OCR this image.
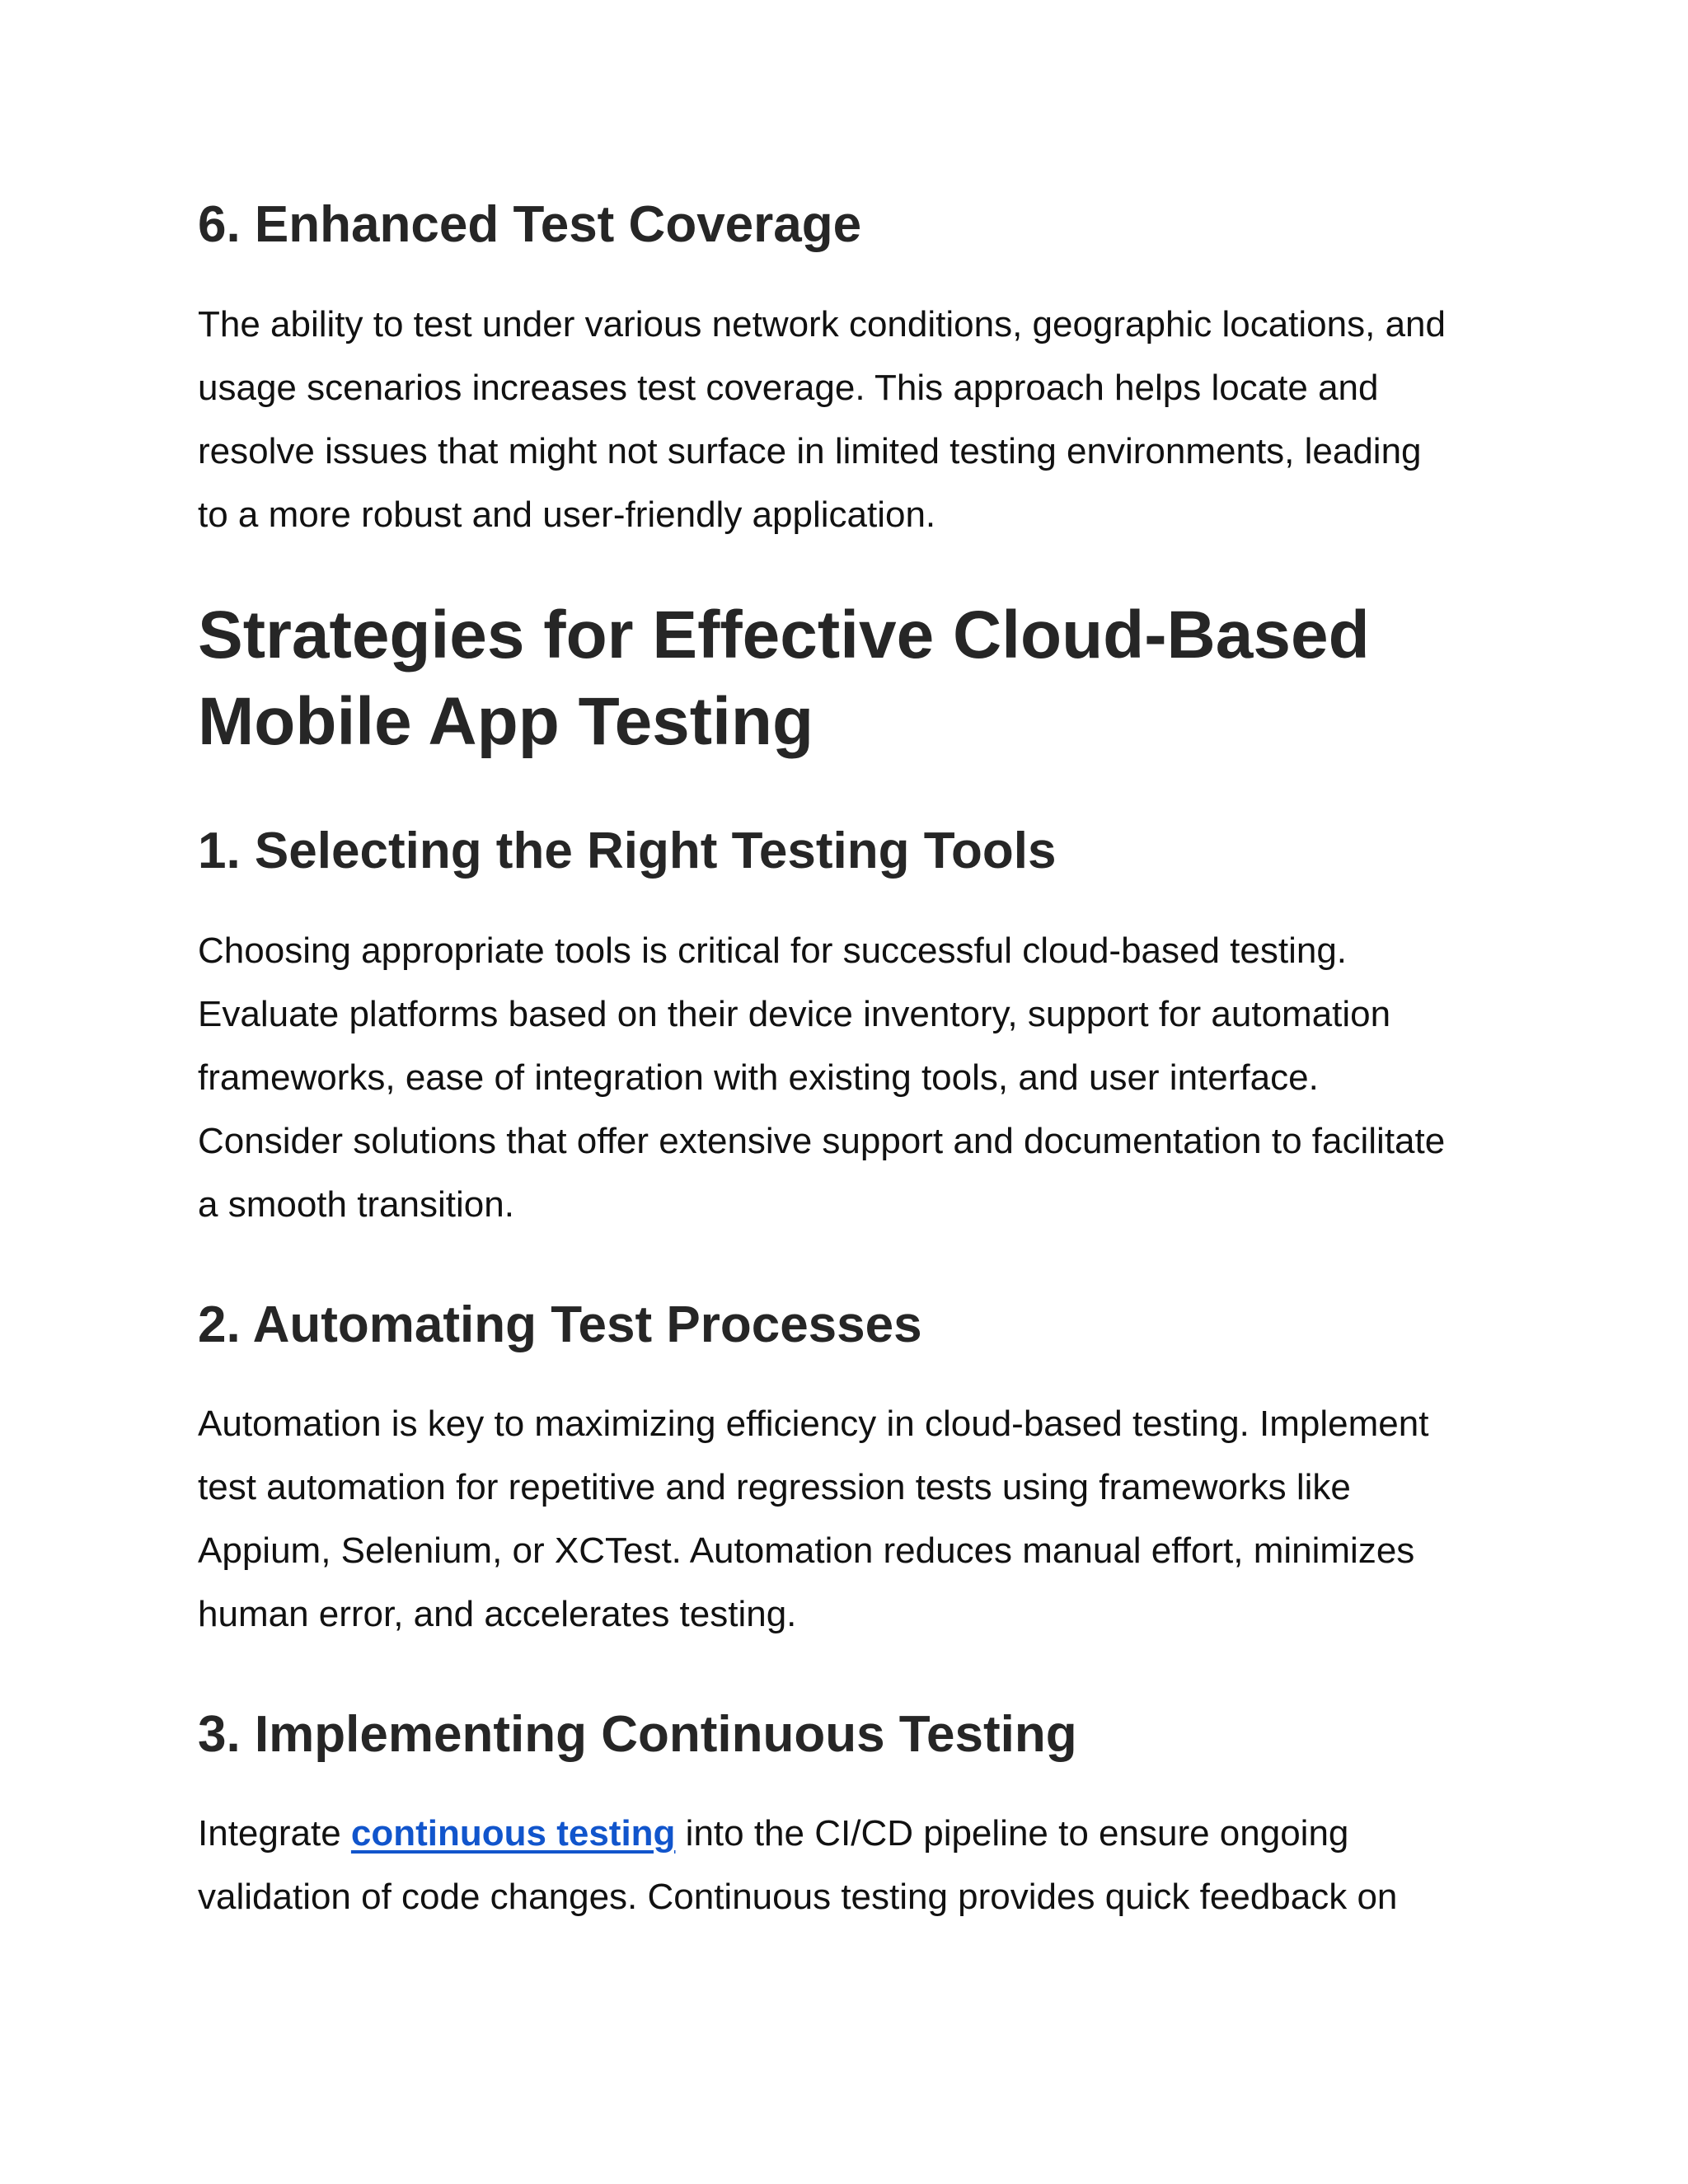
6. Enhanced Test Coverage

The ability to test under various network conditions, geographic locations, and

usage scenarios increases test coverage. This approach helps locate and

resolve issues that might not surface in limited testing environments, leading

to a more robust and user-friendly application.

Strategies for Effective Cloud-Based
Mobile App Testing
1. Selecting the Right Testing Tools

Choosing appropriate tools is critical for successful cloud-based testing.

Evaluate platforms based on their device inventory, support for automation

frameworks, ease of integration with existing tools, and user interface.

Consider solutions that offer extensive support and documentation to facilitate

a smooth transition.

2. Automating Test Processes

Automation is key to maximizing efficiency in cloud-based testing. Implement

test automation for repetitive and regression tests using frameworks like

Appium, Selenium, or XCTest. Automation reduces manual effort, minimizes

human error, and accelerates testing.

3. Implementing Continuous Testing

Integrate continuous testing into the CI/CD pipeline to ensure ongoing

validation of code changes. Continuous testing provides quick feedback on
